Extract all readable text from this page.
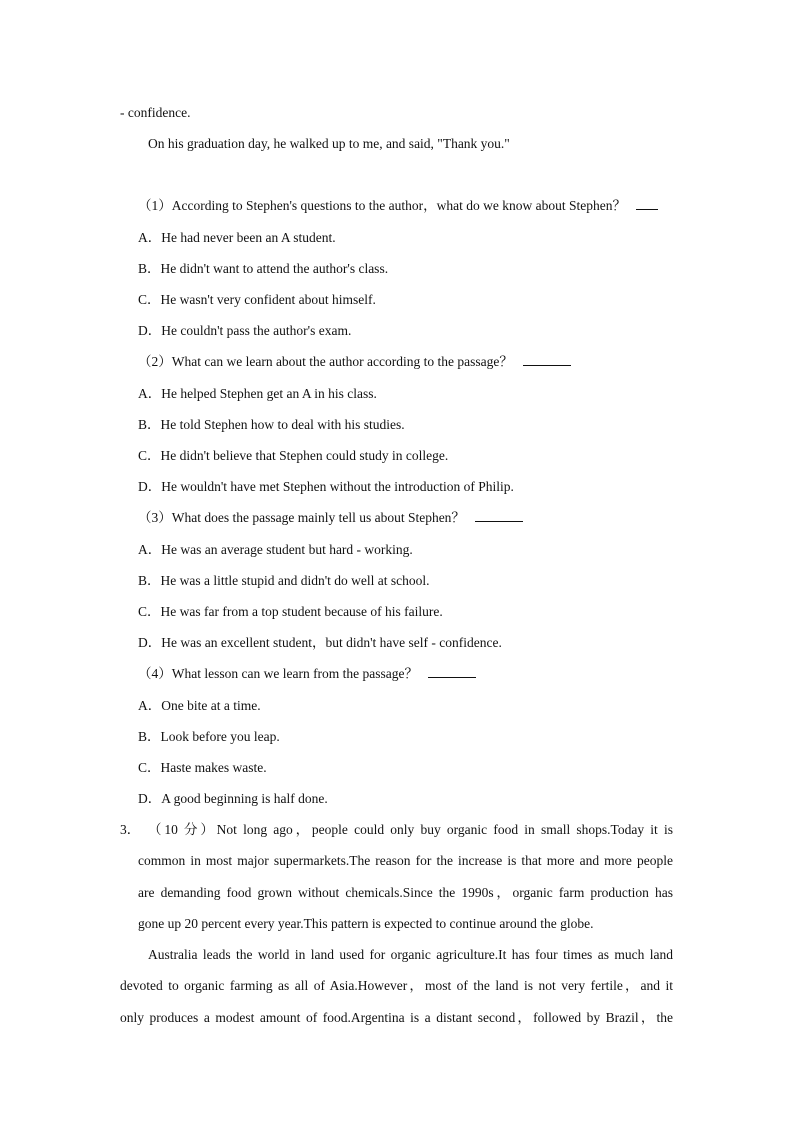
- confidence.
On his graduation day, he walked up to me, and said, "Thank you."
（1）According to Stephen's questions to the author，what do we know about Stephen？
A．He had never been an A student.
B．He didn't want to attend the author's class.
C．He wasn't very confident about himself.
D．He couldn't pass the author's exam.
（2）What can we learn about the author according to the passage？
A．He helped Stephen get an A in his class.
B．He told Stephen how to deal with his studies.
C．He didn't believe that Stephen could study in college.
D．He wouldn't have met Stephen without the introduction of Philip.
（3）What does the passage mainly tell us about Stephen？
A．He was an average student but hard - working.
B．He was a little stupid and didn't do well at school.
C．He was far from a top student because of his failure.
D．He was an excellent student，but didn't have self - confidence.
（4）What lesson can we learn from the passage？
A．One bite at a time.
B．Look before you leap.
C．Haste makes waste.
D．A good beginning is half done.
3． （10 分）Not long ago，people could only buy organic food in small shops.Today it is
common in most major supermarkets.The reason for the increase is that more and more people
are demanding food grown without chemicals.Since the 1990s，organic farm production has
gone up 20 percent every year.This pattern is expected to continue around the globe.
Australia leads the world in land used for organic agriculture.It has four times as much land
devoted to organic farming as all of Asia.However，most of the land is not very fertile，and it
only produces a modest amount of food.Argentina is a distant second，followed by Brazil，the
